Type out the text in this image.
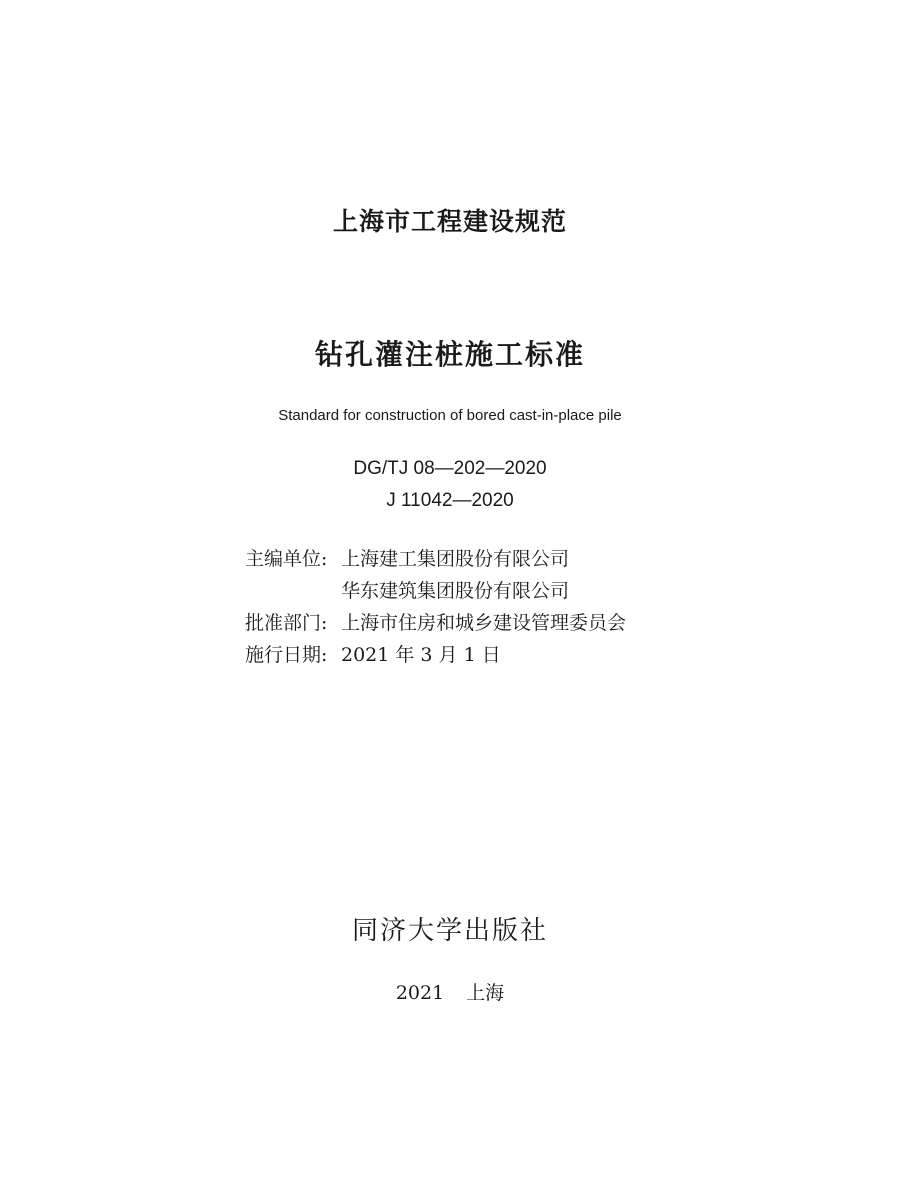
上海市工程建设规范
钻孔灌注桩施工标准
Standard for construction of bored cast-in-place pile
DG/TJ 08—202—2020
J 11042—2020
主编单位: 上海建工集团股份有限公司
华东建筑集团股份有限公司
批准部门: 上海市住房和城乡建设管理委员会
施行日期: 2021 年 3 月 1 日
同济大学出版社
2021 上海
